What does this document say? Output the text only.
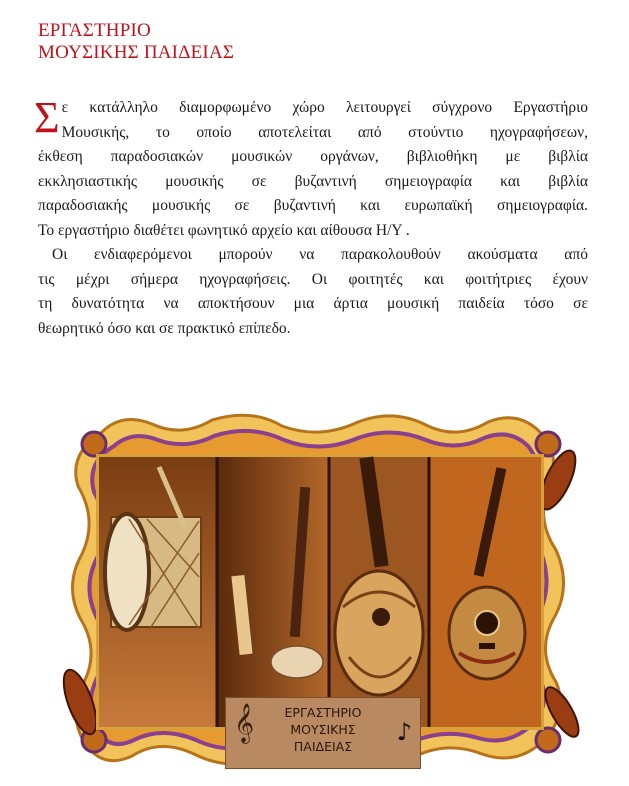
ΕΡΓΑΣΤΗΡΙΟ
ΜΟΥΣΙΚΗΣ ΠΑΙΔΕΙΑΣ

Σ ε κατάλληλο διαμορφωμένο χώρο λειτουργεί σύγχρονο Εργαστήριο
Μουσικής, το οποίο αποτελείται από στούντιο ηχογραφήσεων,
έκθεση παραδοσιακών μουσικών οργάνων, βιβλιοθήκη με βιβλία
εκκλησιαστικής μουσικής σε βυζαντινή σημειογραφία και βιβλία
παραδοσιακής μουσικής σε βυζαντινή και ευρωπαϊκή σημειογραφία.
Το εργαστήριο διαθέτει φωνητικό αρχείο και αίθουσα Η/Υ .

Οι ενδιαφερόμενοι μπορούν να παρακολουθούν ακούσματα από
τις μέχρι σήμερα ηχογραφήσεις. Οι φοιτητές και φοιτήτριες έχουν
τη δυνατότητα να αποκτήσουν μια άρτια μουσική παιδεία τόσο σε
θεωρητικό όσο και σε πρακτικό επίπεδο.

𝄞	ΕΡΓΑΣΤΗΡΙΟ
ΜΟΥΣΙΚΗΣ
ΠΑΙΔΕΙΑΣ
♪
